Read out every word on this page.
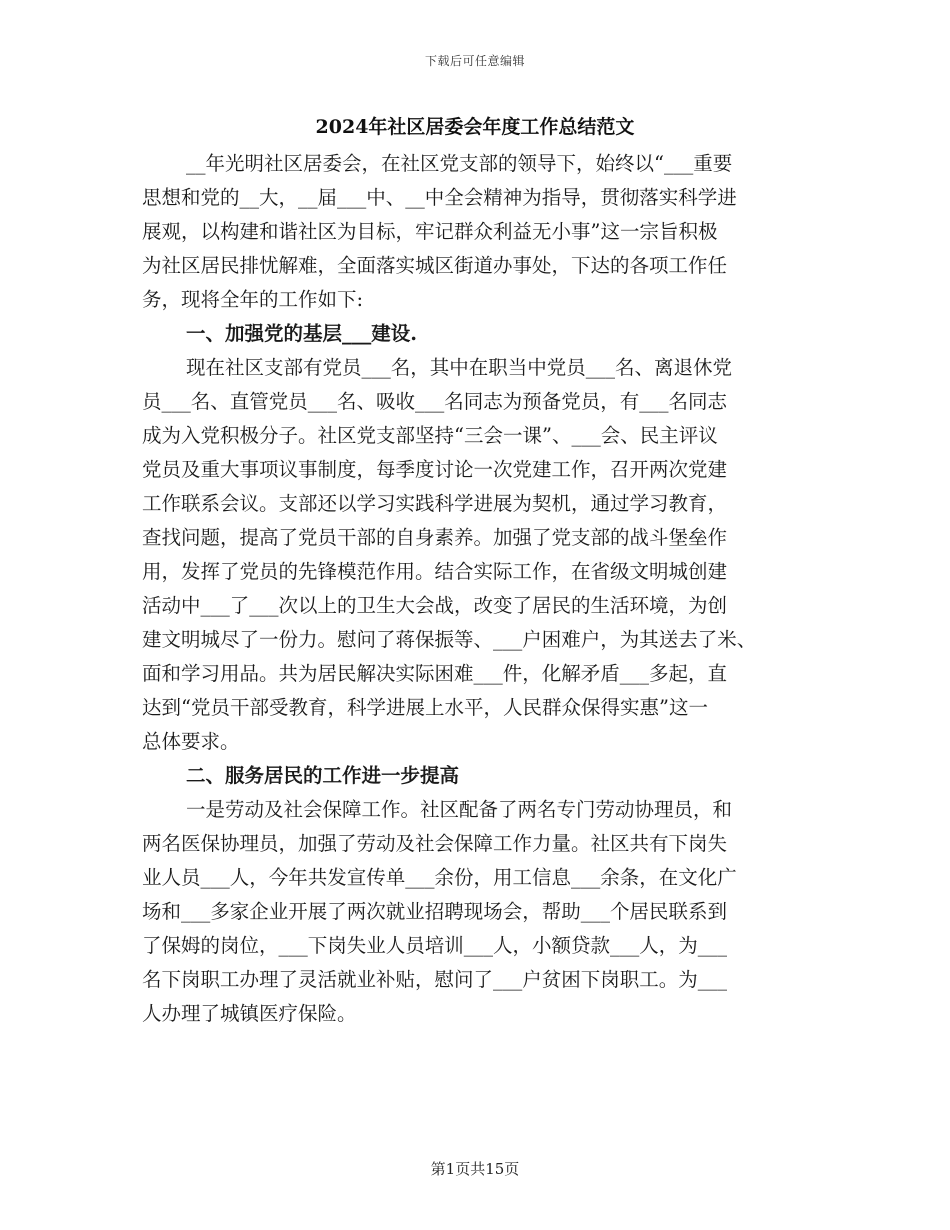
下载后可任意编辑
2024年社区居委会年度工作总结范文
__年光明社区居委会，在社区党支部的领导下，始终以“___重要
思想和党的__大，__届___中、__中全会精神为指导，贯彻落实科学进
展观，以构建和谐社区为目标，牢记群众利益无小事”这一宗旨积极
为社区居民排忧解难，全面落实城区街道办事处，下达的各项工作任
务，现将全年的工作如下:
一、加强党的基层___建设.
现在社区支部有党员___名，其中在职当中党员___名、离退休党
员___名、直管党员___名、吸收___名同志为预备党员，有___名同志
成为入党积极分子。社区党支部坚持“三会一课”、___会、民主评议
党员及重大事项议事制度，每季度讨论一次党建工作，召开两次党建
工作联系会议。支部还以学习实践科学进展为契机，通过学习教育，
查找问题，提高了党员干部的自身素养。加强了党支部的战斗堡垒作
用，发挥了党员的先锋模范作用。结合实际工作，在省级文明城创建
活动中___了___次以上的卫生大会战，改变了居民的生活环境，为创
建文明城尽了一份力。慰问了蒋保振等、___户困难户，为其送去了米、
面和学习用品。共为居民解决实际困难___件，化解矛盾___多起，直
达到“党员干部受教育，科学进展上水平，人民群众保得实惠”这一
总体要求。
二、服务居民的工作进一步提高
一是劳动及社会保障工作。社区配备了两名专门劳动协理员，和
两名医保协理员，加强了劳动及社会保障工作力量。社区共有下岗失
业人员___人，今年共发宣传单___余份，用工信息___余条，在文化广
场和___多家企业开展了两次就业招聘现场会，帮助___个居民联系到
了保姆的岗位，___下岗失业人员培训___人，小额贷款___人，为___
名下岗职工办理了灵活就业补贴，慰问了___户贫困下岗职工。为___
人办理了城镇医疗保险。
第1页共15页
